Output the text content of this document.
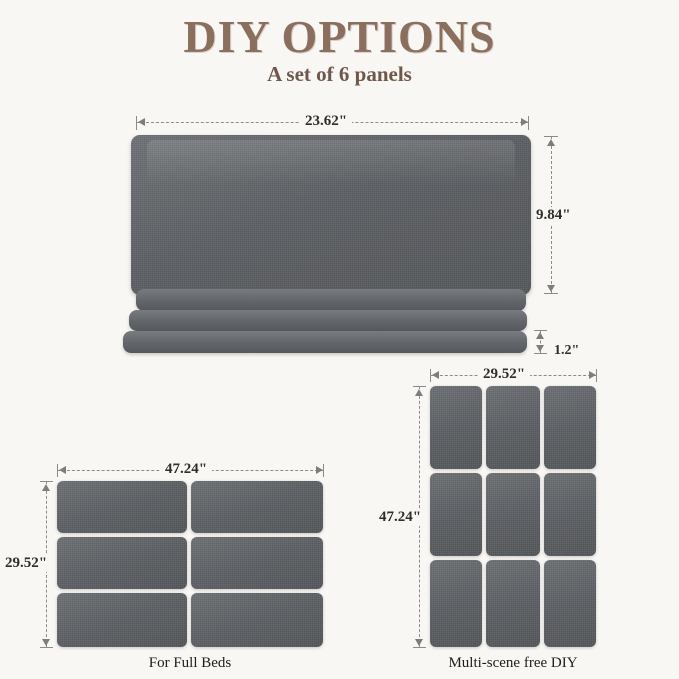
DIY OPTIONS
A set of 6 panels
23.62"
9.84"
1.2"
47.24"
29.52"
For Full Beds
29.52"
47.24"
Multi-scene free DIY
